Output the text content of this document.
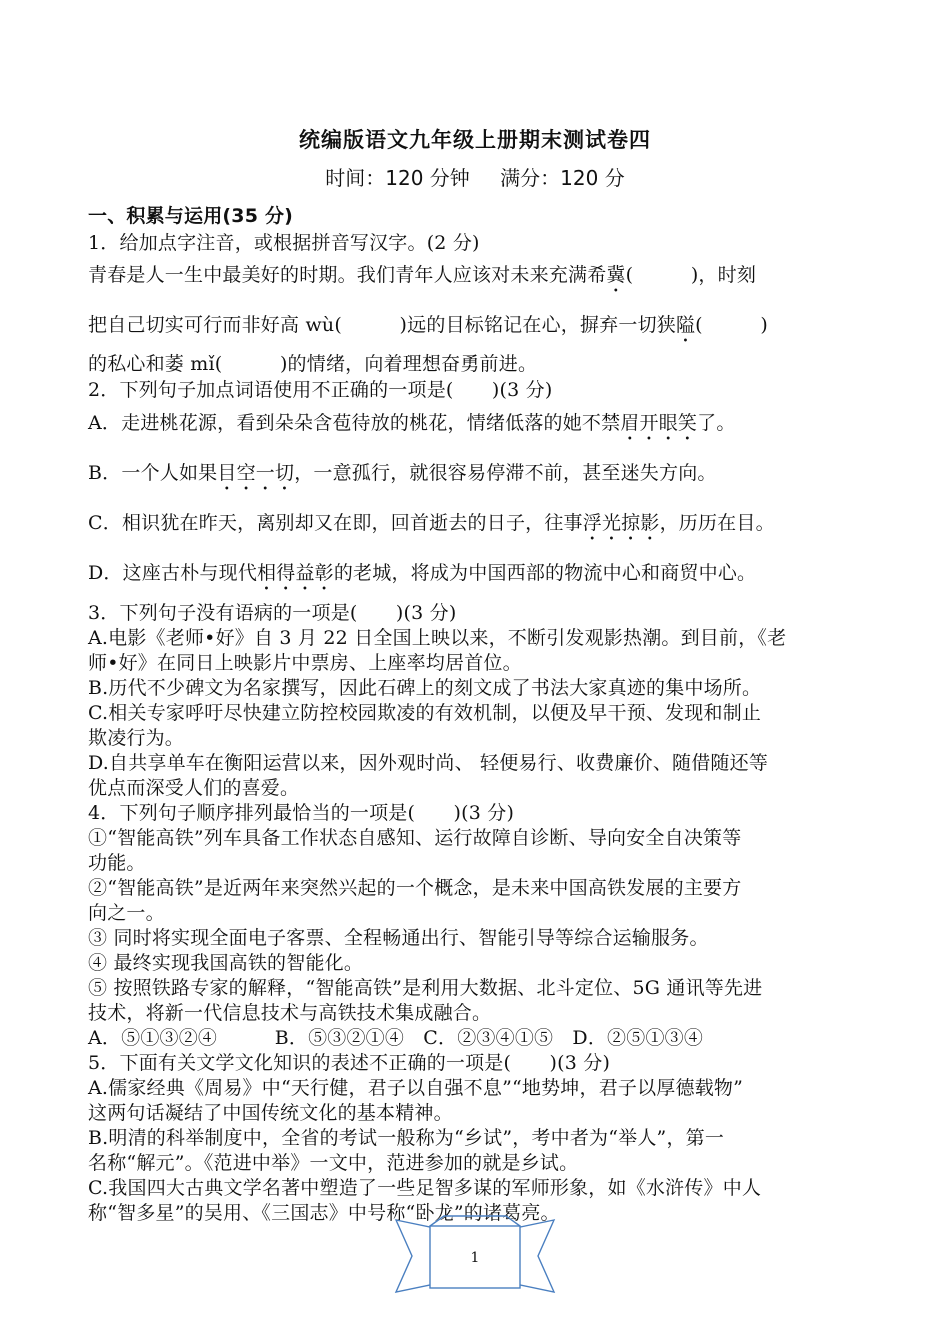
统编版语文九年级上册期末测试卷四
时间：120 分钟 满分：120 分
一、积累与运用(35 分)
1．给加点字注音，或根据拼音写汉字。(2 分)
青春是人一生中最美好的时期。我们青年人应该对未来充满希冀(　　　)，时刻
把自己切实可行而非好高 wù(　　　)远的目标铭记在心，摒弃一切狭隘(　　　)
的私心和萎 mǐ(　　　)的情绪，向着理想奋勇前进。
2．下列句子加点词语使用不正确的一项是(　　)(3 分)
A．走进桃花源，看到朵朵含苞待放的桃花，情绪低落的她不禁眉开眼笑了。
B．一个人如果目空一切，一意孤行，就很容易停滞不前，甚至迷失方向。
C．相识犹在昨天，离别却又在即，回首逝去的日子，往事浮光掠影，历历在目。
D．这座古朴与现代相得益彰的老城，将成为中国西部的物流中心和商贸中心。
3．下列句子没有语病的一项是(　　)(3 分)
A.电影《老师•好》自 3 月 22 日全国上映以来，不断引发观影热潮。到目前，《老
师•好》在同日上映影片中票房、上座率均居首位。
B.历代不少碑文为名家撰写，因此石碑上的刻文成了书法大家真迹的集中场所。
C.相关专家呼吁尽快建立防控校园欺凌的有效机制，以便及早干预、发现和制止
欺凌行为。
D.自共享单车在衡阳运营以来，因外观时尚、 轻便易行、收费廉价、随借随还等
优点而深受人们的喜爱。
4．下列句子顺序排列最恰当的一项是(　　)(3 分)
①“智能高铁”列车具备工作状态自感知、运行故障自诊断、导向安全自决策等
功能。
②“智能高铁”是近两年来突然兴起的一个概念，是未来中国高铁发展的主要方
向之一。
③ 同时将实现全面电子客票、全程畅通出行、智能引导等综合运输服务。
④ 最终实现我国高铁的智能化。
⑤ 按照铁路专家的解释，“智能高铁”是利用大数据、北斗定位、5G 通讯等先进
技术，将新一代信息技术与高铁技术集成融合。
A．⑤①③②④　　　B．⑤③②①④　C．②③④①⑤　D．②⑤①③④
5．下面有关文学文化知识的表述不正确的一项是(　　)(3 分)
A.儒家经典《周易》中“天行健，君子以自强不息”“地势坤，君子以厚德载物”
这两句话凝结了中国传统文化的基本精神。
B.明清的科举制度中，全省的考试一般称为“乡试”，考中者为“举人”，第一
名称“解元”。《范进中举》一文中，范进参加的就是乡试。
C.我国四大古典文学名著中塑造了一些足智多谋的军师形象，如《水浒传》中人
称“智多星”的吴用、《三国志》中号称“卧龙”的诸葛亮。
1
